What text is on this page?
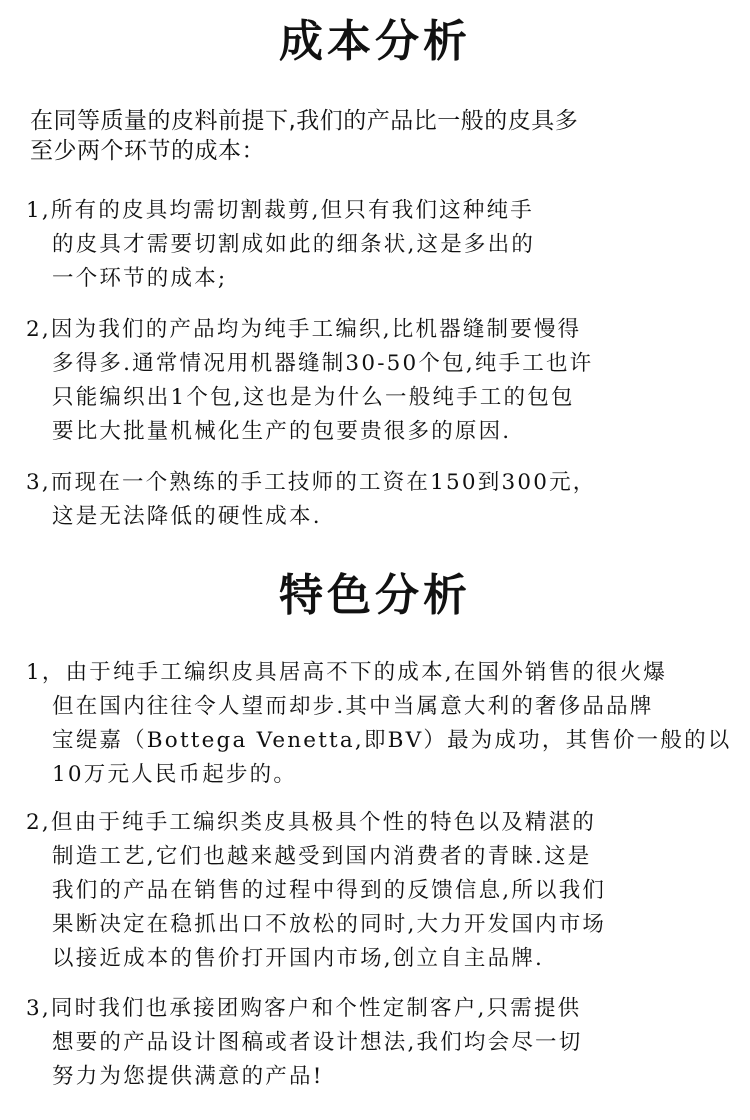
成本分析
在同等质量的皮料前提下,我们的产品比一般的皮具多
至少两个环节的成本：
1,所有的皮具均需切割裁剪,但只有我们这种纯手
的皮具才需要切割成如此的细条状,这是多出的
一个环节的成本;
2,因为我们的产品均为纯手工编织,比机器缝制要慢得
多得多.通常情况用机器缝制30-50个包,纯手工也许
只能编织出1个包,这也是为什么一般纯手工的包包
要比大批量机械化生产的包要贵很多的原因.
3,而现在一个熟练的手工技师的工资在150到300元，
这是无法降低的硬性成本.
特色分析
1，由于纯手工编织皮具居高不下的成本,在国外销售的很火爆
但在国内往往令人望而却步.其中当属意大利的奢侈品品牌
宝缇嘉（Bottega Venetta,即BV）最为成功，其售价一般的以
10万元人民币起步的。
2,但由于纯手工编织类皮具极具个性的特色以及精湛的
制造工艺,它们也越来越受到国内消费者的青睐.这是
我们的产品在销售的过程中得到的反馈信息,所以我们
果断决定在稳抓出口不放松的同时,大力开发国内市场
以接近成本的售价打开国内市场,创立自主品牌.
3,同时我们也承接团购客户和个性定制客户,只需提供
想要的产品设计图稿或者设计想法,我们均会尽一切
努力为您提供满意的产品!
